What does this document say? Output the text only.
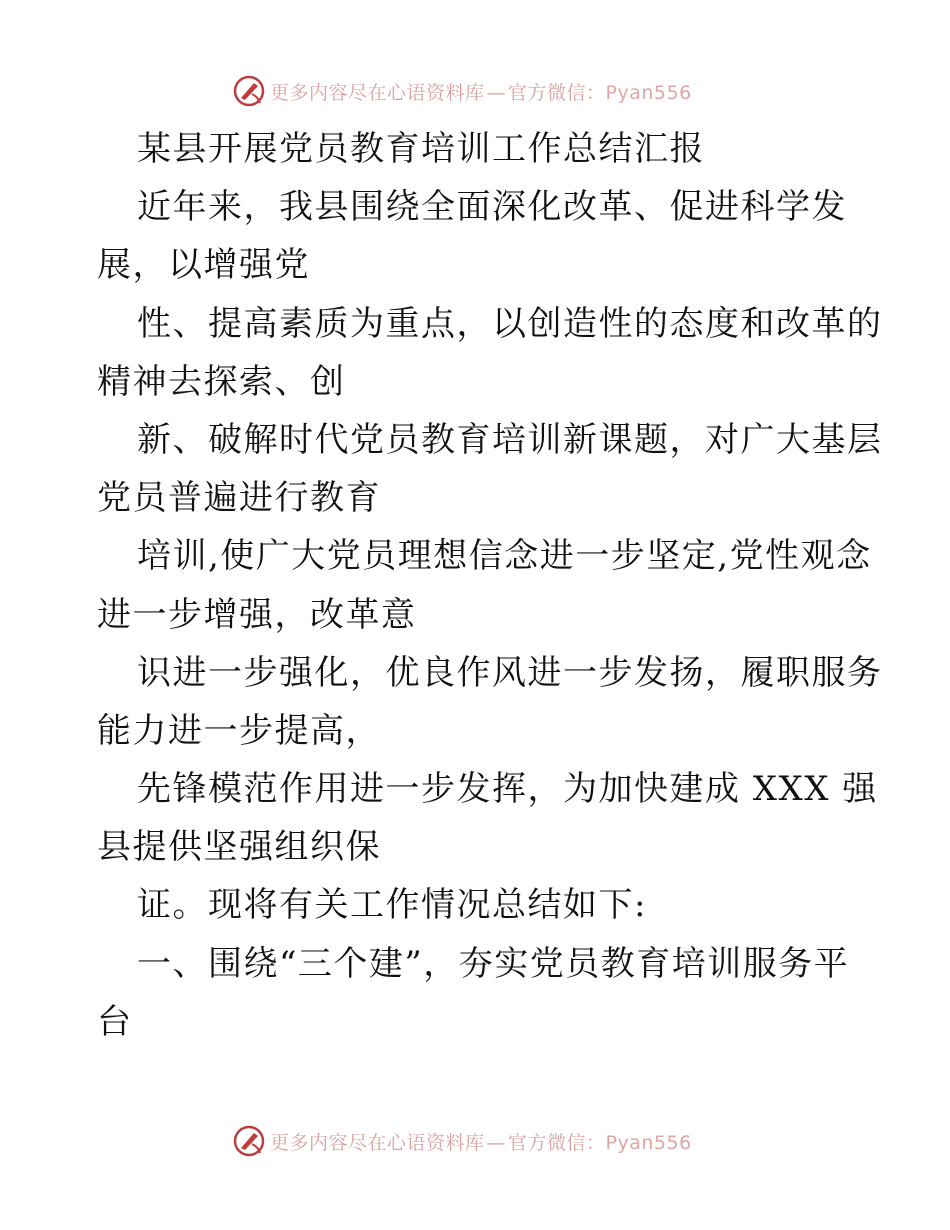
更多内容尽在心语资料库 — 官方微信：Pyan556
某县开展党员教育培训工作总结汇报
近年来，我县围绕全面深化改革、促进科学发
展，以增强党
性、提高素质为重点，以创造性的态度和改革的
精神去探索、创
新、破解时代党员教育培训新课题，对广大基层
党员普遍进行教育
培训,使广大党员理想信念进一步坚定,党性观念
进一步增强，改革意
识进一步强化，优良作风进一步发扬，履职服务
能力进一步提高，
先锋模范作用进一步发挥，为加快建成 XXX 强
县提供坚强组织保
证。现将有关工作情况总结如下:
一、围绕“三个建”，夯实党员教育培训服务平
台
更多内容尽在心语资料库 — 官方微信：Pyan556
